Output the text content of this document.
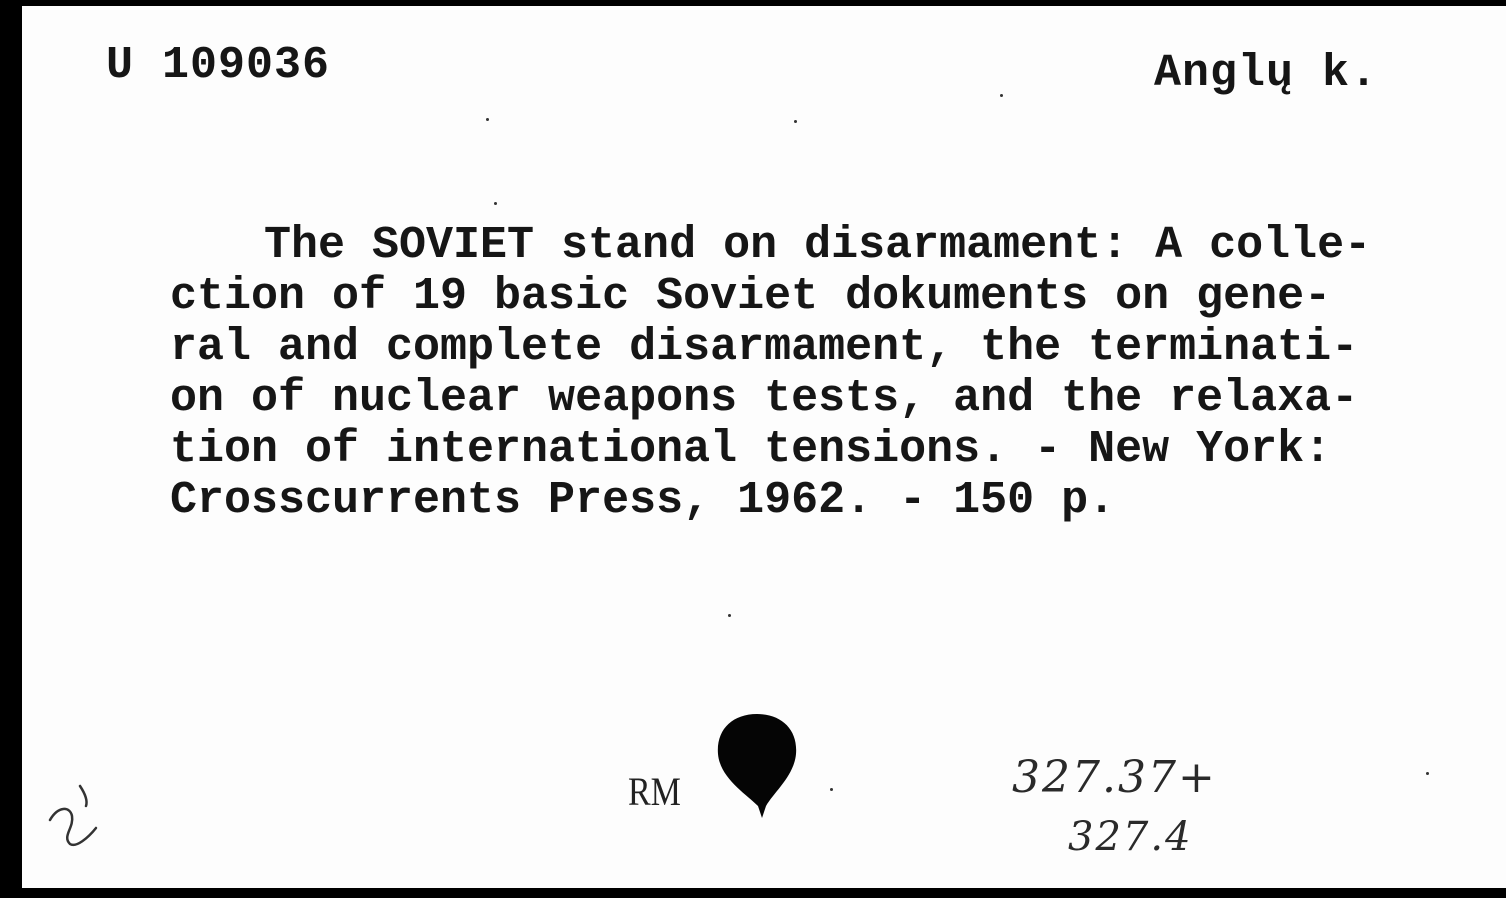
U 109036	Anglų k.
The SOVIET stand on disarmament: A colle-
ction of 19 basic Soviet dokuments on gene-
ral and complete disarmament, the terminati-
on of nuclear weapons tests, and the relaxa-
tion of international tensions. - New York:
Crosscurrents Press, 1962. - 150 p.
RM	327.37+
327.4
